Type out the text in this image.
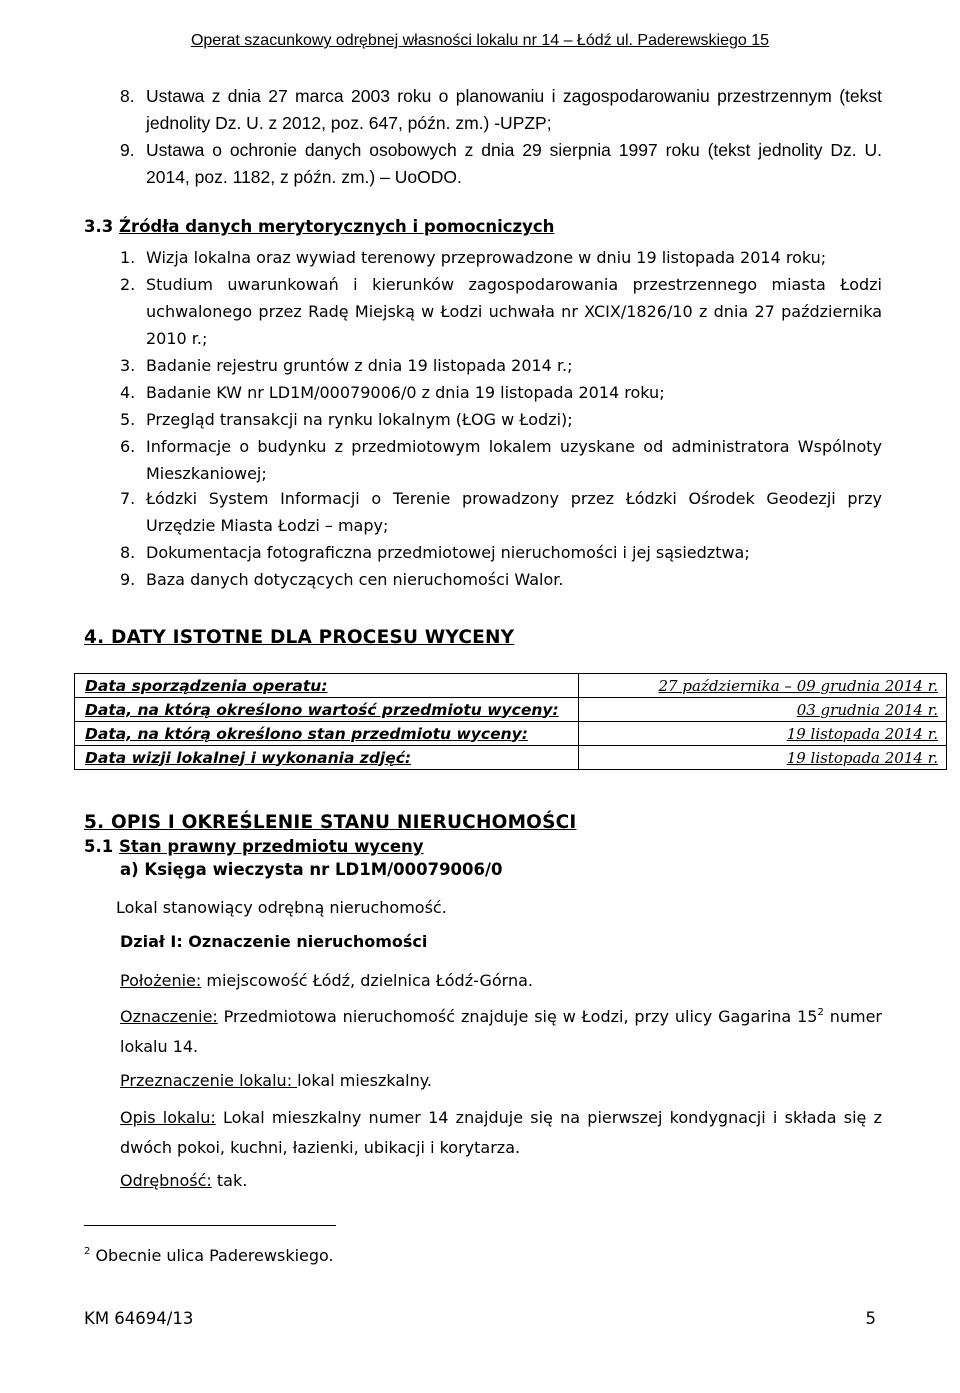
Operat szacunkowy odrębnej własności lokalu nr 14 – Łódź ul. Paderewskiego 15
8. Ustawa z dnia 27 marca 2003 roku o planowaniu i zagospodarowaniu przestrzennym (tekst jednolity Dz. U. z 2012, poz. 647, późn. zm.) -UPZP;
9. Ustawa o ochronie danych osobowych z dnia 29 sierpnia 1997 roku (tekst jednolity Dz. U. 2014, poz. 1182, z późn. zm.) – UoODO.
3.3 Źródła danych merytorycznych i pomocniczych
1. Wizja lokalna oraz wywiad terenowy przeprowadzone w dniu 19 listopada 2014 roku;
2. Studium uwarunkowań i kierunków zagospodarowania przestrzennego miasta Łodzi uchwalonego przez Radę Miejską w Łodzi uchwała nr XCIX/1826/10 z dnia 27 października 2010 r.;
3. Badanie rejestru gruntów z dnia 19 listopada 2014 r.;
4. Badanie KW nr LD1M/00079006/0 z dnia 19 listopada 2014 roku;
5. Przegląd transakcji na rynku lokalnym (ŁOG w Łodzi);
6. Informacje o budynku z przedmiotowym lokalem uzyskane od administratora Wspólnoty Mieszkaniowej;
7. Łódzki System Informacji o Terenie prowadzony przez Łódzki Ośrodek Geodezji przy Urzędzie Miasta Łodzi – mapy;
8. Dokumentacja fotograficzna przedmiotowej nieruchomości i jej sąsiedztwa;
9. Baza danych dotyczących cen nieruchomości Walor.
4. DATY ISTOTNE DLA PROCESU WYCENY
Data sporządzenia operatu:	27 października – 09 grudnia 2014 r.
Data, na którą określono wartość przedmiotu wyceny:	03 grudnia 2014 r.
Data, na którą określono stan przedmiotu wyceny:	19 listopada 2014 r.
Data wizji lokalnej i wykonania zdjęć:	19 listopada 2014 r.
5. OPIS I OKREŚLENIE STANU NIERUCHOMOŚCI
5.1 Stan prawny przedmiotu wyceny
a) Księga wieczysta nr LD1M/00079006/0
Lokal stanowiący odrębną nieruchomość.
Dział I: Oznaczenie nieruchomości
Położenie: miejscowość Łódź, dzielnica Łódź-Górna.
Oznaczenie: Przedmiotowa nieruchomość znajduje się w Łodzi, przy ulicy Gagarina $15^2$ numer lokalu 14.
Przeznaczenie lokalu: lokal mieszkalny.
Opis lokalu: Lokal mieszkalny numer 14 znajduje się na pierwszej kondygnacji i składa się z dwóch pokoi, kuchni, łazienki, ubikacji i korytarza.
Odrębność: tak.
$^2$ Obecnie ulica Paderewskiego.
KM 64694/13	5
